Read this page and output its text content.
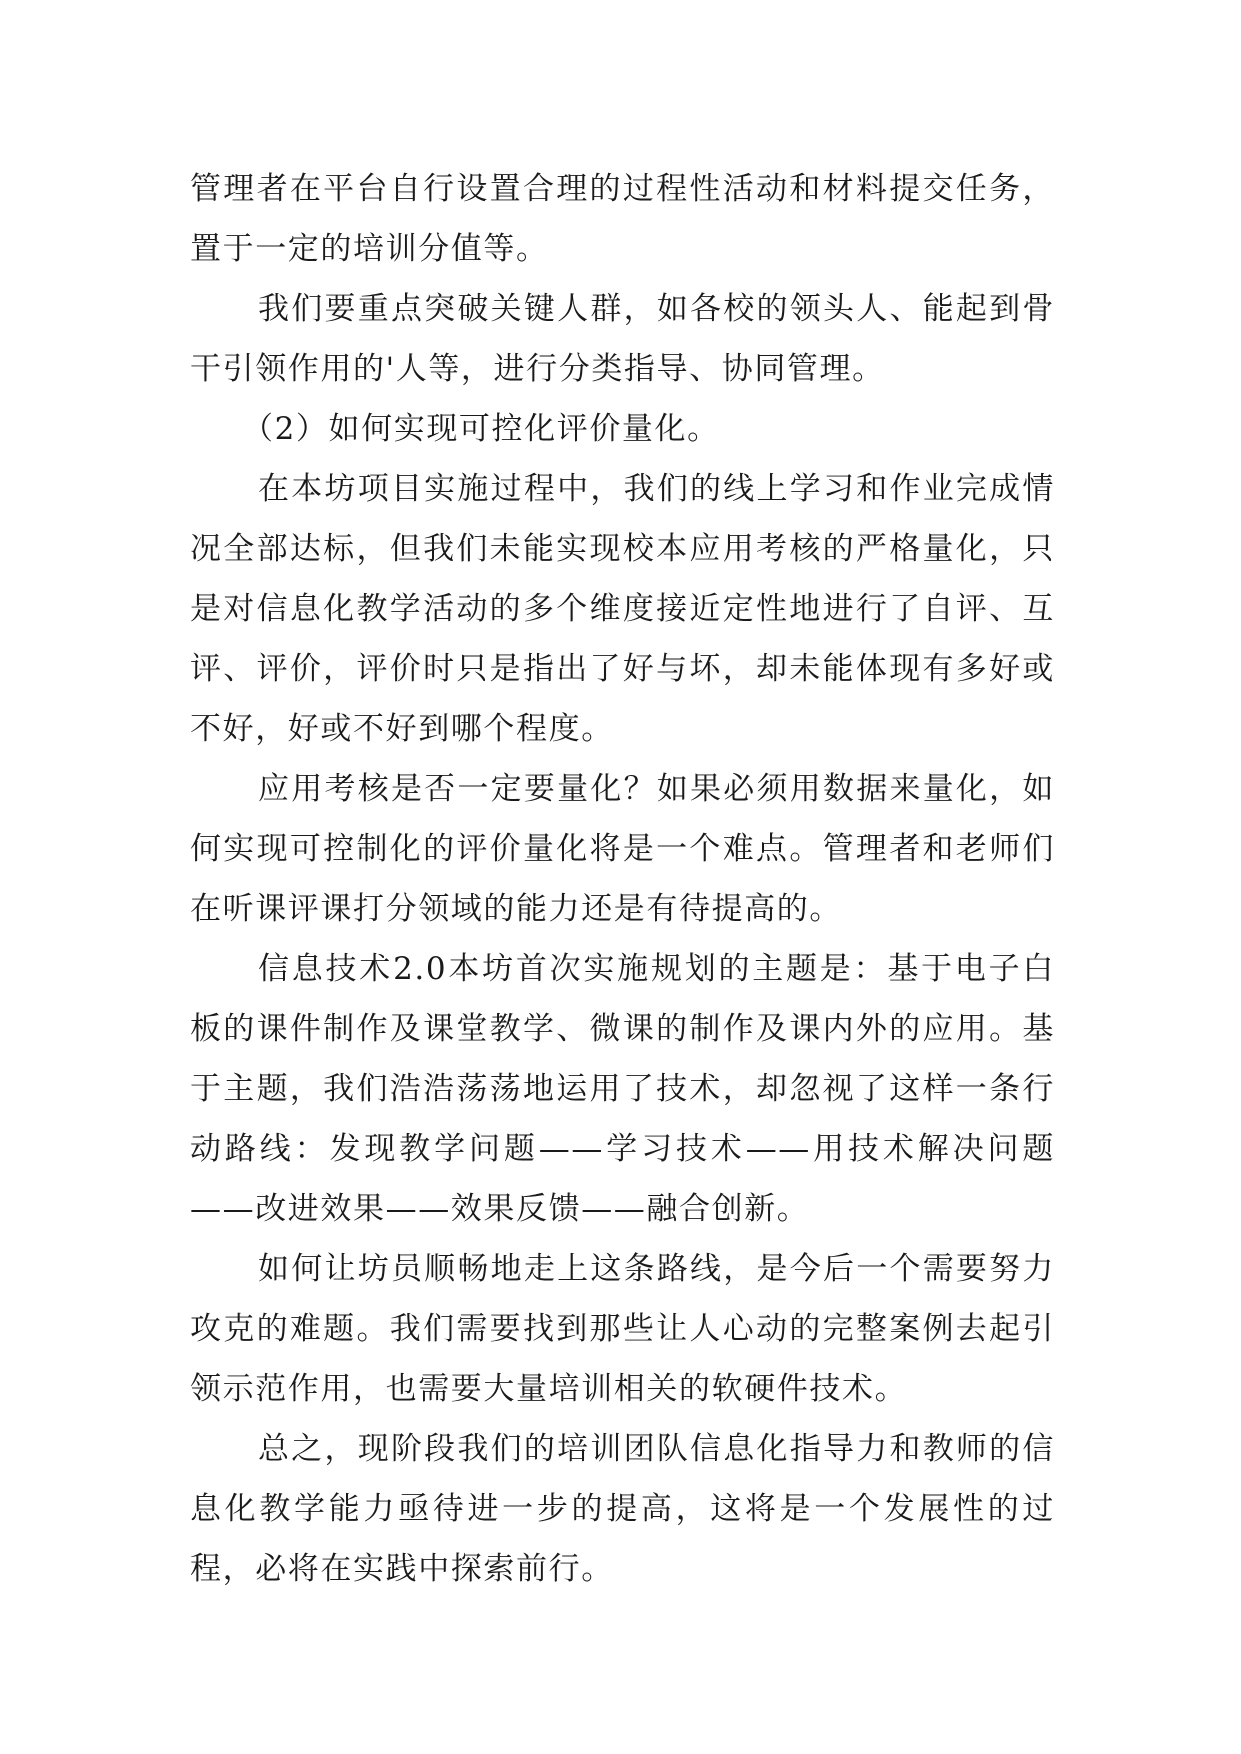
管理者在平台自行设置合理的过程性活动和材料提交任务，置于一定的培训分值等。

我们要重点突破关键人群，如各校的领头人、能起到骨干引领作用的'人等，进行分类指导、协同管理。

（2）如何实现可控化评价量化。

在本坊项目实施过程中，我们的线上学习和作业完成情况全部达标，但我们未能实现校本应用考核的严格量化，只是对信息化教学活动的多个维度接近定性地进行了自评、互评、评价，评价时只是指出了好与坏，却未能体现有多好或不好，好或不好到哪个程度。

应用考核是否一定要量化？如果必须用数据来量化，如何实现可控制化的评价量化将是一个难点。管理者和老师们在听课评课打分领域的能力还是有待提高的。

信息技术2.0本坊首次实施规划的主题是：基于电子白板的课件制作及课堂教学、微课的制作及课内外的应用。基于主题，我们浩浩荡荡地运用了技术，却忽视了这样一条行动路线：发现教学问题——学习技术——用技术解决问题——改进效果——效果反馈——融合创新。

如何让坊员顺畅地走上这条路线，是今后一个需要努力攻克的难题。我们需要找到那些让人心动的完整案例去起引领示范作用，也需要大量培训相关的软硬件技术。

总之，现阶段我们的培训团队信息化指导力和教师的信息化教学能力亟待进一步的提高，这将是一个发展性的过程，必将在实践中探索前行。
